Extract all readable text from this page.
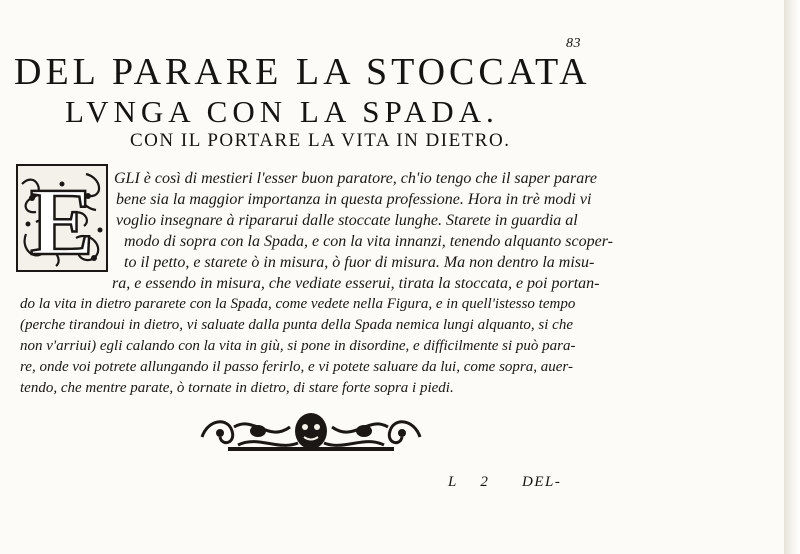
83
DEL PARARE LA STOCCATA
LVNGA CON LA SPADA.
CON IL PORTARE LA VITA IN DIETRO.
E GLI è così di mestieri l'esser buon paratore, ch'io tengo che il saper parare
bene sia la maggior importanza in questa professione. Hora in trè modi vi
voglio insegnare à ripararui dalle stoccate lunghe. Starete in guardia al
modo di sopra con la Spada, e con la vita innanzi, tenendo alquanto scoper-
to il petto, e starete ò in misura, ò fuor di misura. Ma non dentro la misu-
ra, e essendo in misura, che vediate esserui, tirata la stoccata, e poi portan-
do la vita in dietro pararete con la Spada, come vedete nella Figura, e in quell'istesso tempo
(perche tirandoui in dietro, vi saluate dalla punta della Spada nemica lungi alquanto, si che
non v'arriui) egli calando con la vita in giù, si pone in disordine, e difficilmente si può para-
re, onde voi potrete allungando il passo ferirlo, e vi potete saluare da lui, come sopra, auer-
tendo, che mentre parate, ò tornate in dietro, di stare forte sopra i piedi.
L 2 DEL-
